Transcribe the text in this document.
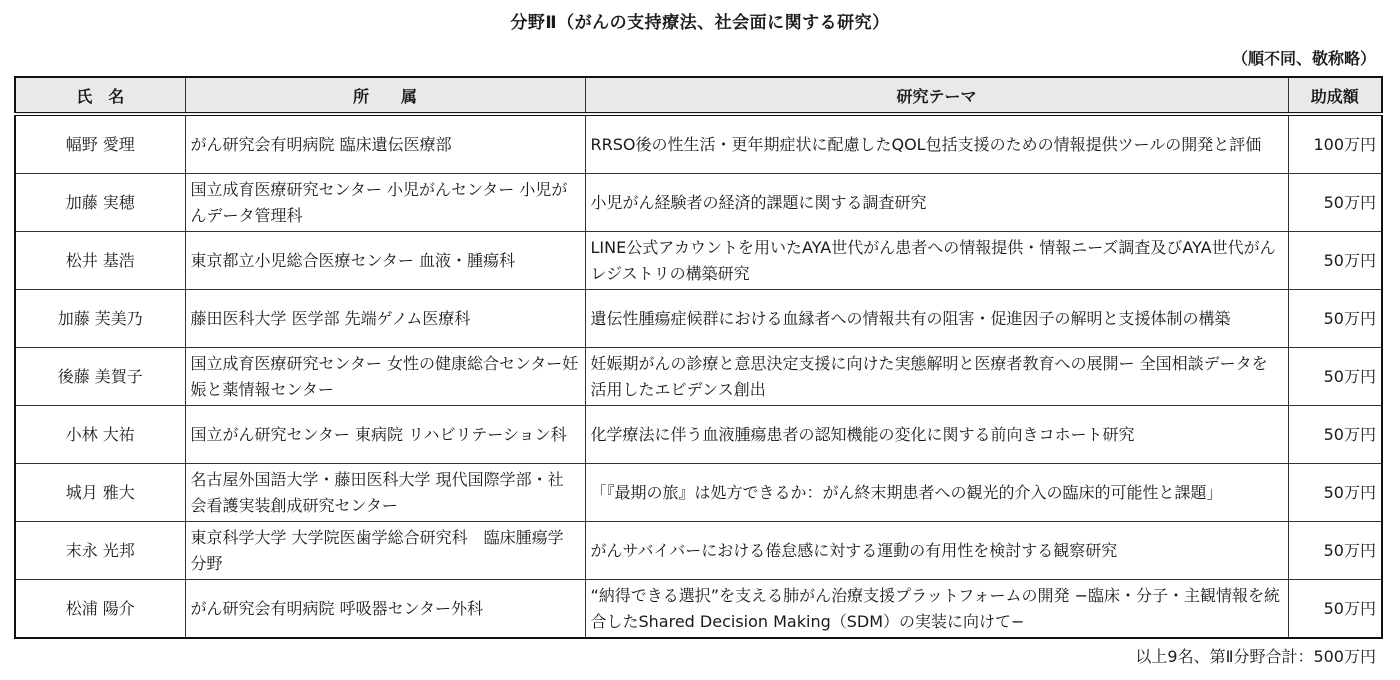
分野Ⅱ（がんの支持療法、社会面に関する研究）
（順不同、敬称略）
氏　名	所　　属	研究テーマ	助成額
幅野 愛理	がん研究会有明病院 臨床遺伝医療部	RRSO後の性生活・更年期症状に配慮したQOL包括支援のための情報提供ツールの開発と評価	100万円
加藤 実穂	国立成育医療研究センター 小児がんセンター 小児がんデータ管理科	小児がん経験者の経済的課題に関する調査研究	50万円
松井 基浩	東京都立小児総合医療センター 血液・腫瘍科	LINE公式アカウントを用いたAYA世代がん患者への情報提供・情報ニーズ調査及びAYA世代がんレジストリの構築研究	50万円
加藤 芙美乃	藤田医科大学 医学部 先端ゲノム医療科	遺伝性腫瘍症候群における血縁者への情報共有の阻害・促進因子の解明と支援体制の構築	50万円
後藤 美賀子	国立成育医療研究センター 女性の健康総合センター妊娠と薬情報センター	妊娠期がんの診療と意思決定支援に向けた実態解明と医療者教育への展開ー 全国相談データを活用したエビデンス創出	50万円
小林 大祐	国立がん研究センター 東病院 リハビリテーション科	化学療法に伴う血液腫瘍患者の認知機能の変化に関する前向きコホート研究	50万円
城月 雅大	名古屋外国語大学・藤田医科大学 現代国際学部・社会看護実装創成研究センター	「『最期の旅』は処方できるか：がん終末期患者への観光的介入の臨床的可能性と課題」	50万円
末永 光邦	東京科学大学 大学院医歯学総合研究科　臨床腫瘍学分野	がんサバイバーにおける倦怠感に対する運動の有用性を検討する観察研究	50万円
松浦 陽介	がん研究会有明病院 呼吸器センター外科	“納得できる選択”を支える肺がん治療支援プラットフォームの開発 −臨床・分子・主観情報を統合したShared Decision Making（SDM）の実装に向けて−	50万円
以上9名、第Ⅱ分野合計：500万円
